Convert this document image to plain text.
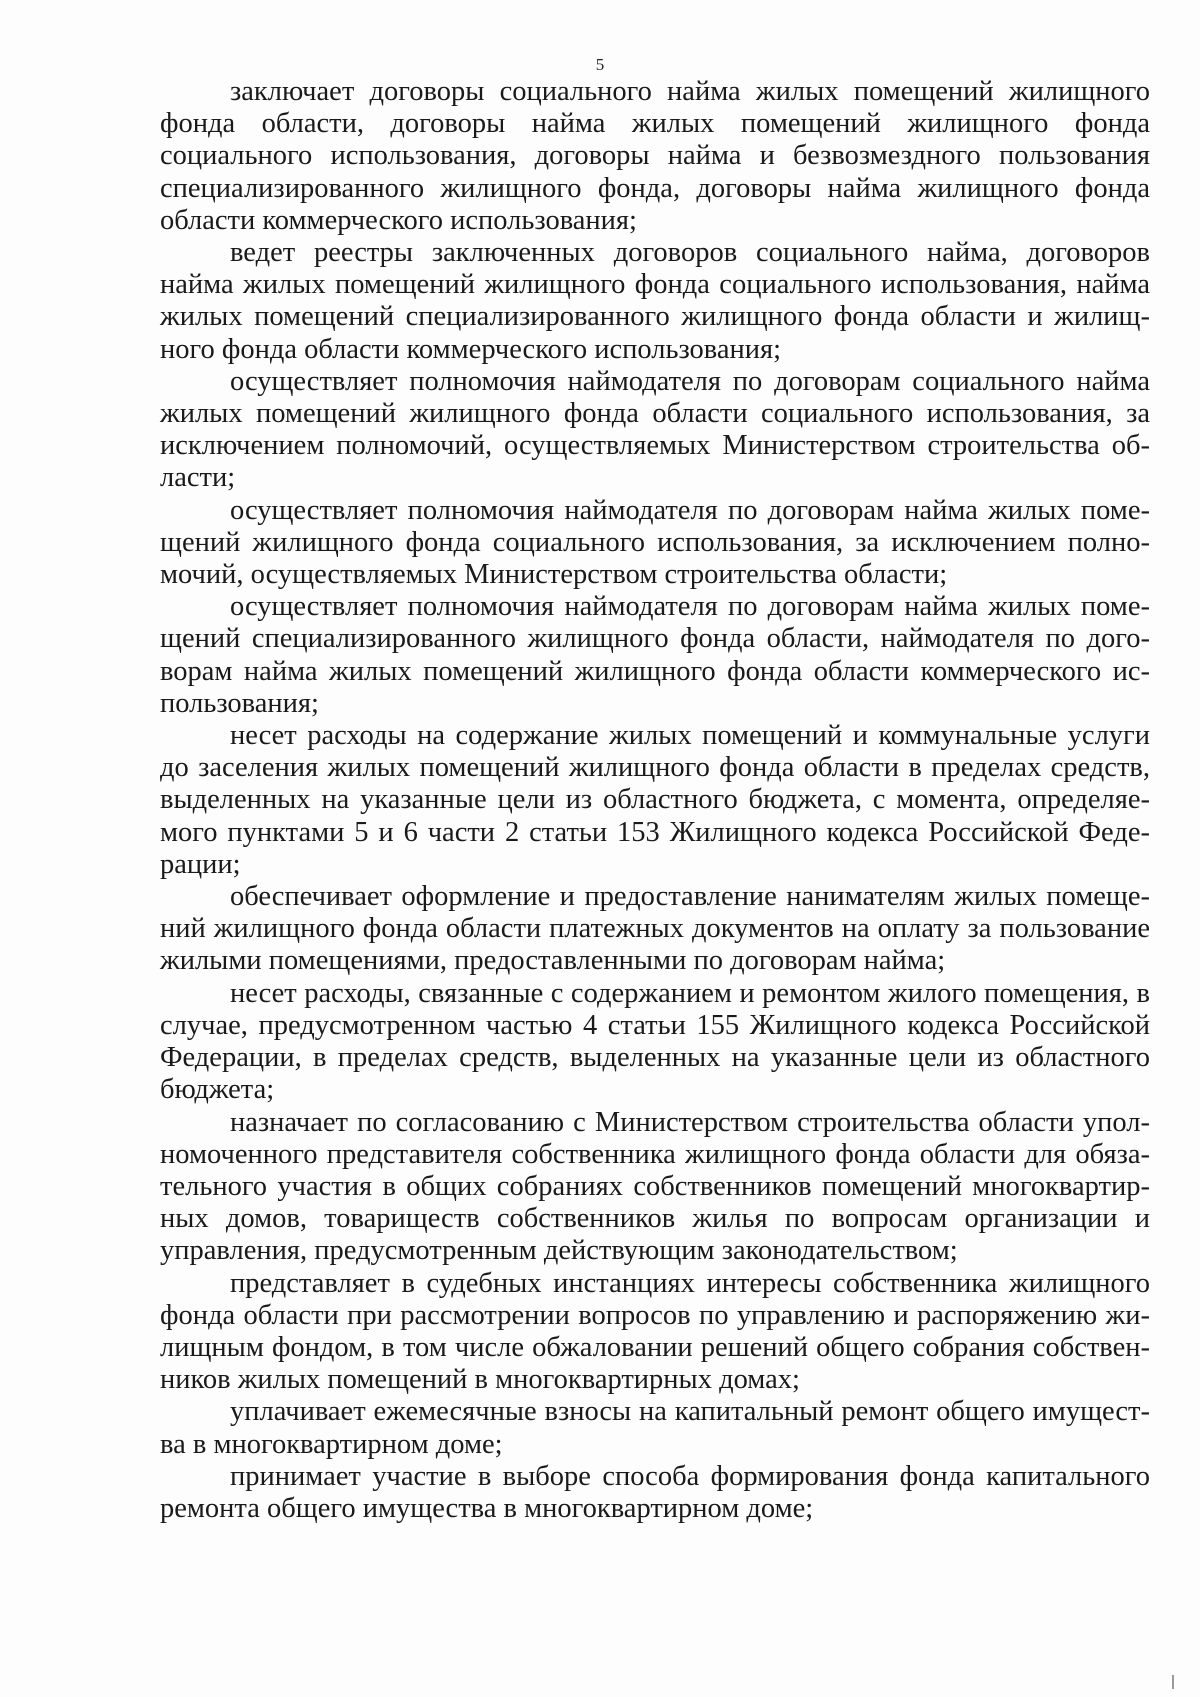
5

заключает договоры социального найма жилых помещений жилищного фонда области, договоры найма жилых помещений жилищного фонда социального использования, договоры найма и безвозмездного пользования специализированного жилищного фонда, договоры найма жилищного фонда области коммерческого использования;

ведет реестры заключенных договоров социального найма, договоров найма жилых помещений жилищного фонда социального использования, найма жилых помещений специализированного жилищного фонда области и жилищного фонда области коммерческого использования;

осуществляет полномочия наймодателя по договорам социального найма жилых помещений жилищного фонда области социального использования, за исключением полномочий, осуществляемых Министерством строительства области;

осуществляет полномочия наймодателя по договорам найма жилых помещений жилищного фонда социального использования, за исключением полномочий, осуществляемых Министерством строительства области;

осуществляет полномочия наймодателя по договорам найма жилых помещений специализированного жилищного фонда области, наймодателя по договорам найма жилых помещений жилищного фонда области коммерческого использования;

несет расходы на содержание жилых помещений и коммунальные услуги до заселения жилых помещений жилищного фонда области в пределах средств, выделенных на указанные цели из областного бюджета, с момента, определяемого пунктами 5 и 6 части 2 статьи 153 Жилищного кодекса Российской Федерации;

обеспечивает оформление и предоставление нанимателям жилых помещений жилищного фонда области платежных документов на оплату за пользование жилыми помещениями, предоставленными по договорам найма;

несет расходы, связанные с содержанием и ремонтом жилого помещения, в случае, предусмотренном частью 4 статьи 155 Жилищного кодекса Российской Федерации, в пределах средств, выделенных на указанные цели из областного бюджета;

назначает по согласованию с Министерством строительства области уполномоченного представителя собственника жилищного фонда области для обязательного участия в общих собраниях собственников помещений многоквартирных домов, товариществ собственников жилья по вопросам организации и управления, предусмотренным действующим законодательством;

представляет в судебных инстанциях интересы собственника жилищного фонда области при рассмотрении вопросов по управлению и распоряжению жилищным фондом, в том числе обжаловании решений общего собрания собственников жилых помещений в многоквартирных домах;

уплачивает ежемесячные взносы на капитальный ремонт общего имущества в многоквартирном доме;

принимает участие в выборе способа формирования фонда капитального ремонта общего имущества в многоквартирном доме;
